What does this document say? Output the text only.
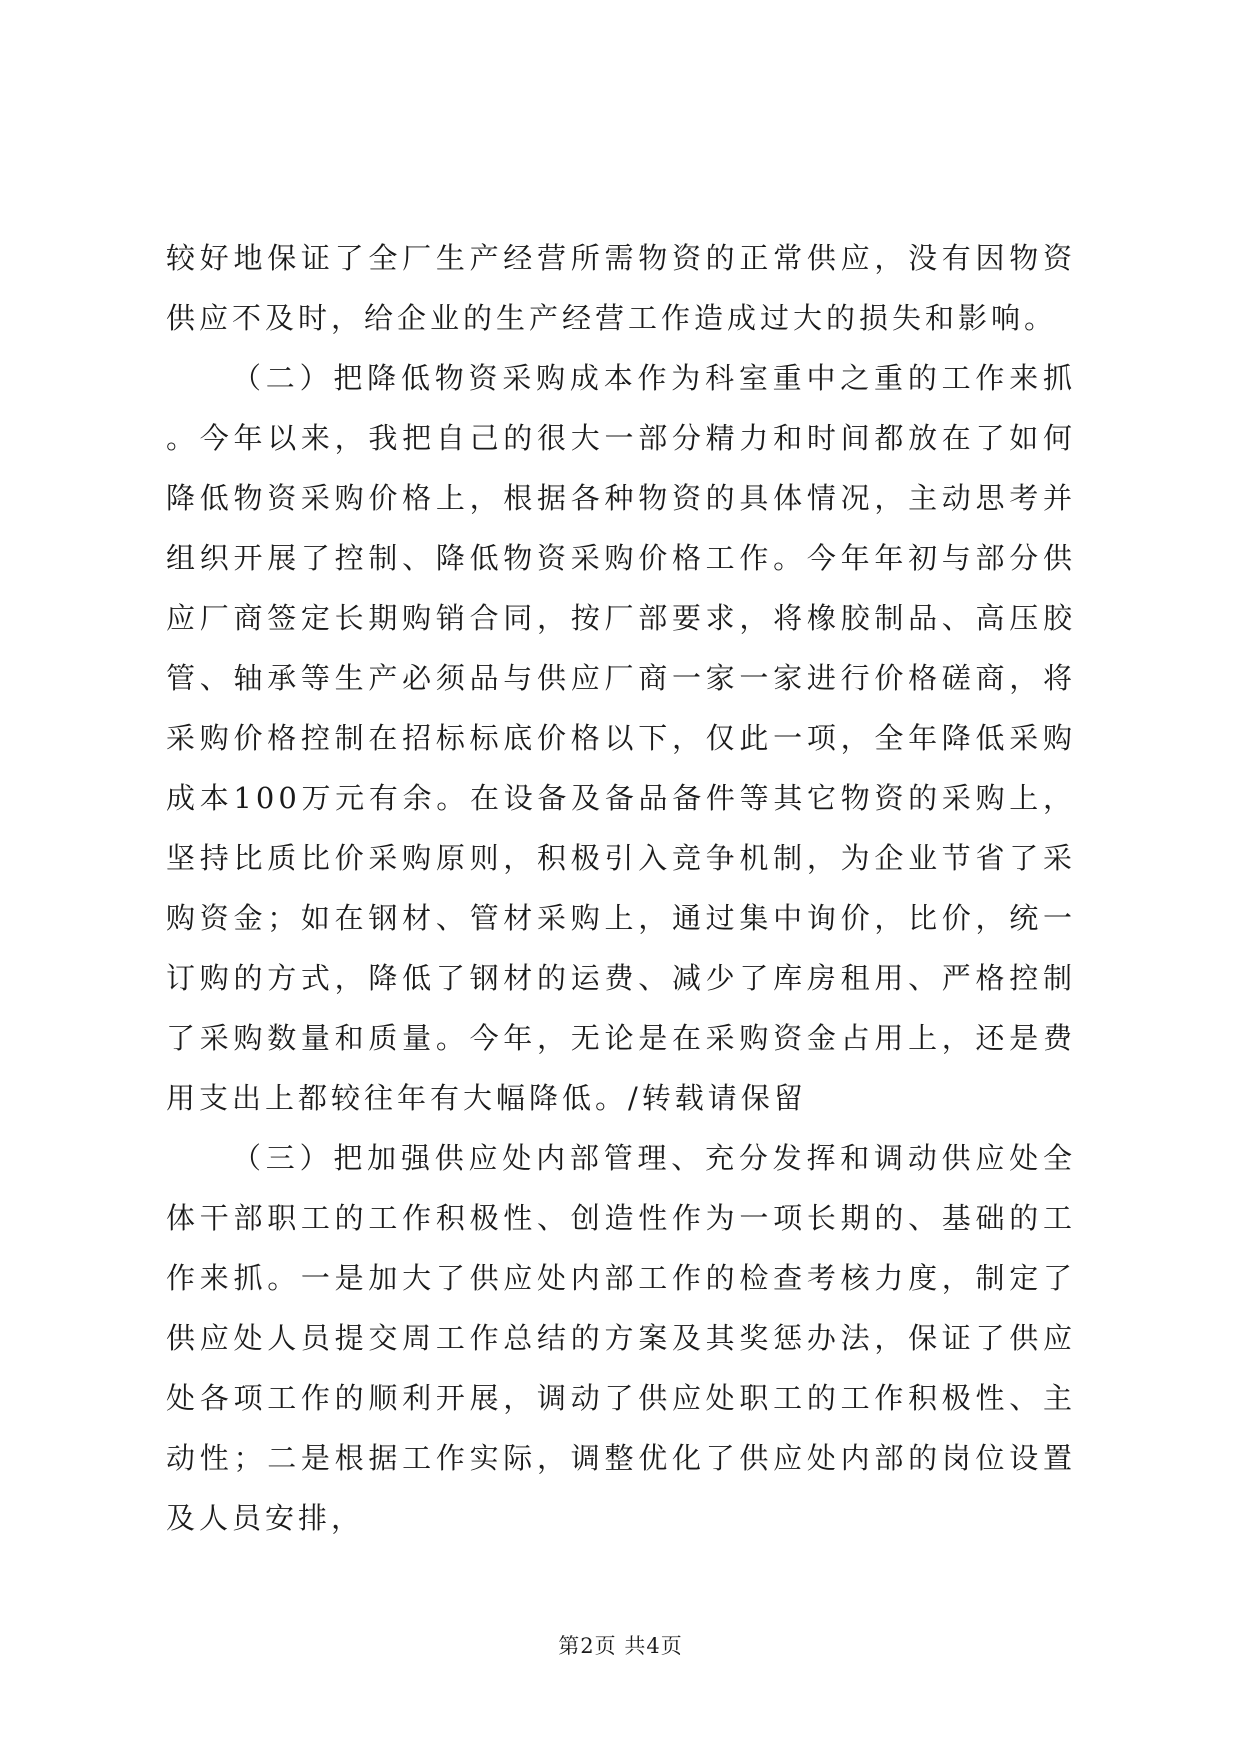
较好地保证了全厂生产经营所需物资的正常供应，没有因物资供应不及时，给企业的生产经营工作造成过大的损失和影响。

（二）把降低物资采购成本作为科室重中之重的工作来抓。今年以来，我把自己的很大一部分精力和时间都放在了如何降低物资采购价格上，根据各种物资的具体情况，主动思考并组织开展了控制、降低物资采购价格工作。今年年初与部分供应厂商签定长期购销合同，按厂部要求，将橡胶制品、高压胶管、轴承等生产必须品与供应厂商一家一家进行价格磋商，将采购价格控制在招标标底价格以下，仅此一项，全年降低采购成本100万元有余。在设备及备品备件等其它物资的采购上，坚持比质比价采购原则，积极引入竞争机制，为企业节省了采购资金；如在钢材、管材采购上，通过集中询价，比价，统一订购的方式，降低了钢材的运费、减少了库房租用、严格控制了采购数量和质量。今年，无论是在采购资金占用上，还是费用支出上都较往年有大幅降低。/转载请保留

（三）把加强供应处内部管理、充分发挥和调动供应处全体干部职工的工作积极性、创造性作为一项长期的、基础的工作来抓。一是加大了供应处内部工作的检查考核力度，制定了供应处人员提交周工作总结的方案及其奖惩办法，保证了供应处各项工作的顺利开展，调动了供应处职工的工作积极性、主动性；二是根据工作实际，调整优化了供应处内部的岗位设置及人员安排，

第2页 共4页
